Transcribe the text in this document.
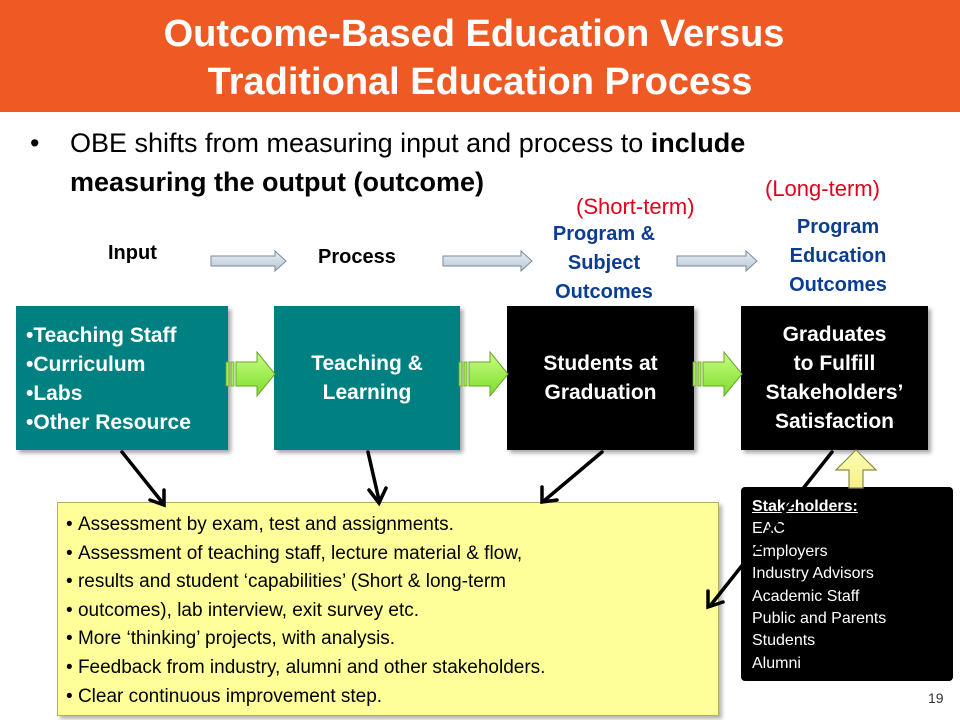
Outcome-Based Education Versus
Traditional Education Process
• OBE shifts from measuring input and process to include
measuring the output (outcome)	(Long-term)
(Short-term)
Input	Process
Program &
Subject
Outcomes
Program
Education
Outcomes
• Teaching Staff
• Curriculum
• Labs
• Other Resource
Teaching &
Learning
Students at
Graduation
Graduates
to Fulfill
Stakeholders’
Satisfaction
• Assessment by exam, test and assignments.
• Assessment of teaching staff, lecture material & flow,
• results and student ‘capabilities’ (Short & long-term
• outcomes), lab interview, exit survey etc.
• More ‘thinking’ projects, with analysis.
• Feedback from industry, alumni and other stakeholders.
• Clear continuous improvement step.
Stakeholders:
EAC
Employers
Industry Advisors
Academic Staff
Public and Parents
Students
Alumni
19
